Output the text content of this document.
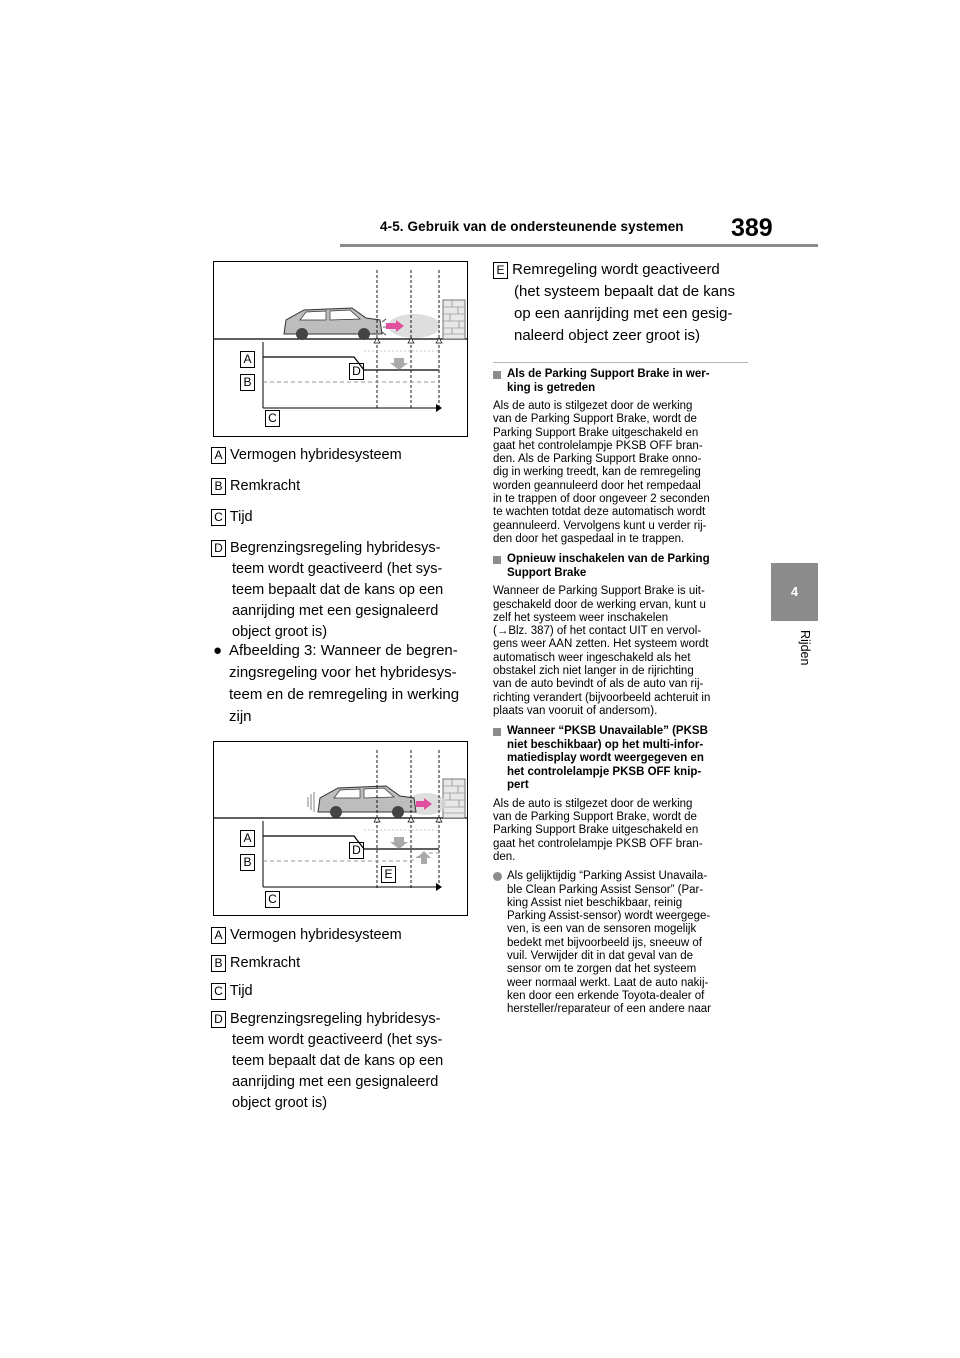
4-5. Gebruik van de ondersteunende systemen 389
4
Rijden
A
B
C
D
A Vermogen hybridesysteem
B Remkracht
C Tijd
D Begrenzingsregeling hybridesys-
teem wordt geactiveerd (het sys-
teem bepaalt dat de kans op een
aanrijding met een gesignaleerd
object groot is)
● Afbeelding 3: Wanneer de begren-
zingsregeling voor het hybridesys-
teem en de remregeling in werking
zijn
A
B
C
D
E
A Vermogen hybridesysteem
B Remkracht
C Tijd
D Begrenzingsregeling hybridesys-
teem wordt geactiveerd (het sys-
teem bepaalt dat de kans op een
aanrijding met een gesignaleerd
object groot is)
E Remregeling wordt geactiveerd
(het systeem bepaalt dat de kans
op een aanrijding met een gesig-
naleerd object zeer groot is)
Als de Parking Support Brake in wer-
king is getreden
Als de auto is stilgezet door de werking
van de Parking Support Brake, wordt de
Parking Support Brake uitgeschakeld en
gaat het controlelampje PKSB OFF bran-
den. Als de Parking Support Brake onno-
dig in werking treedt, kan de remregeling
worden geannuleerd door het rempedaal
in te trappen of door ongeveer 2 seconden
te wachten totdat deze automatisch wordt
geannuleerd. Vervolgens kunt u verder rij-
den door het gaspedaal in te trappen.
Opnieuw inschakelen van de Parking
Support Brake
Wanneer de Parking Support Brake is uit-
geschakeld door de werking ervan, kunt u
zelf het systeem weer inschakelen
(→Blz. 387) of het contact UIT en vervol-
gens weer AAN zetten. Het systeem wordt
automatisch weer ingeschakeld als het
obstakel zich niet langer in de rijrichting
van de auto bevindt of als de auto van rij-
richting verandert (bijvoorbeeld achteruit in
plaats van vooruit of andersom).
Wanneer “PKSB Unavailable” (PKSB
niet beschikbaar) op het multi-infor-
matiedisplay wordt weergegeven en
het controlelampje PKSB OFF knip-
pert
Als de auto is stilgezet door de werking
van de Parking Support Brake, wordt de
Parking Support Brake uitgeschakeld en
gaat het controlelampje PKSB OFF bran-
den.
Als gelijktijdig “Parking Assist Unavaila-
ble Clean Parking Assist Sensor” (Par-
king Assist niet beschikbaar, reinig
Parking Assist-sensor) wordt weergege-
ven, is een van de sensoren mogelijk
bedekt met bijvoorbeeld ijs, sneeuw of
vuil. Verwijder dit in dat geval van de
sensor om te zorgen dat het systeem
weer normaal werkt. Laat de auto nakij-
ken door een erkende Toyota-dealer of
hersteller/reparateur of een andere naar
